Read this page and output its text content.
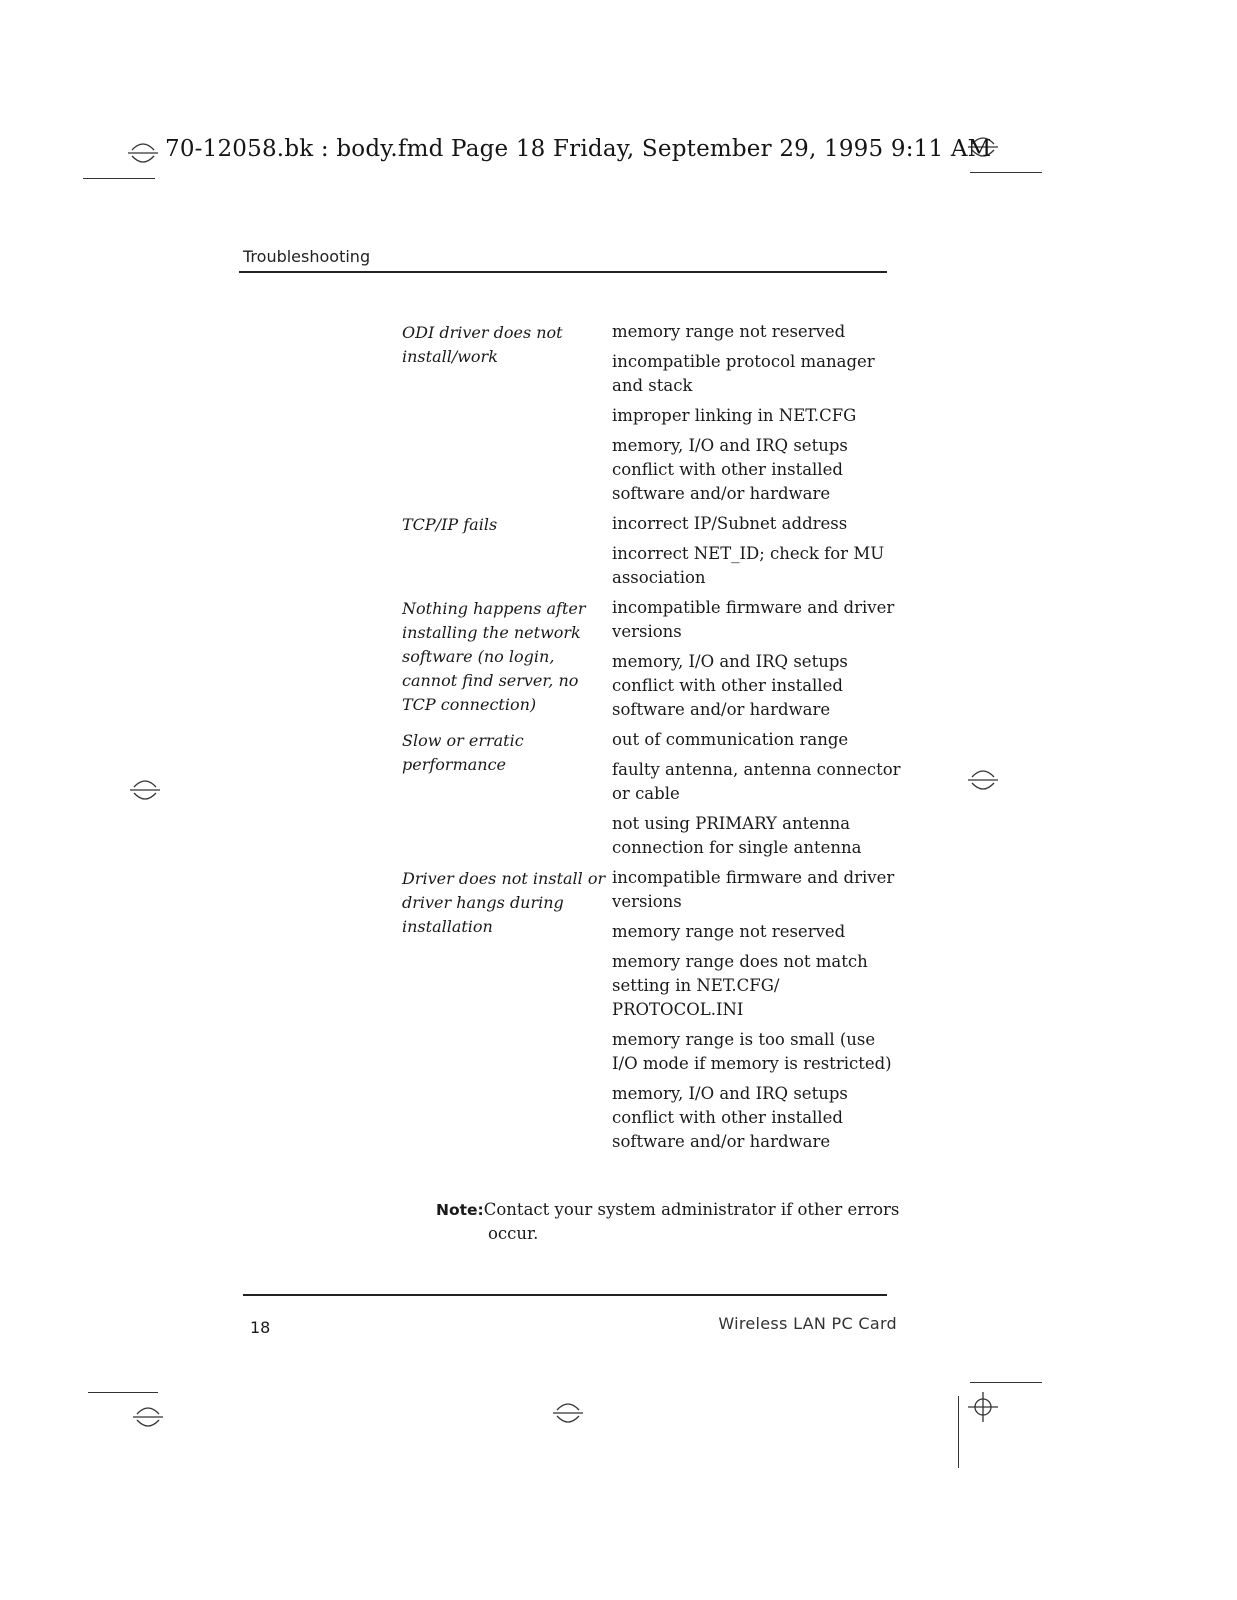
70-12058.bk : body.fmd Page 18 Friday, September 29, 1995 9:11 AM
Troubleshooting
ODI driver does not install/work
memory range not reserved
incompatible protocol manager and stack
improper linking in NET.CFG
memory, I/O and IRQ setups conflict with other installed software and/or hardware
TCP/IP fails	incorrect IP/Subnet address
incorrect NET_ID; check for MU association
Nothing happens after installing the network software (no login, cannot find server, no TCP connection)
incompatible firmware and driver versions
memory, I/O and IRQ setups conflict with other installed software and/or hardware
Slow or erratic performance
out of communication range
faulty antenna, antenna connector or cable
not using PRIMARY antenna connection for single antenna
Driver does not install or driver hangs during installation
incompatible firmware and driver versions
memory range not reserved
memory range does not match setting in NET.CFG/ PROTOCOL.INI
memory range is too small (use I/O mode if memory is restricted)
memory, I/O and IRQ setups conflict with other installed software and/or hardware
Note:Contact your system administrator if other errors
occur.
18	Wireless LAN PC Card
